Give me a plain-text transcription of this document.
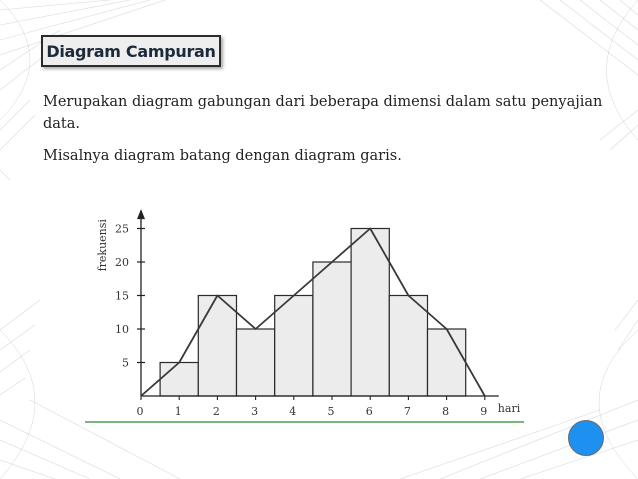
Diagram Campuran
Merupakan diagram gabungan dari beberapa dimensi dalam satu penyajian data.
Misalnya diagram batang dengan diagram garis.
5
10
15
20
25
0	1	2	3	4	5	6	7	8	9 hari
frekuensi
